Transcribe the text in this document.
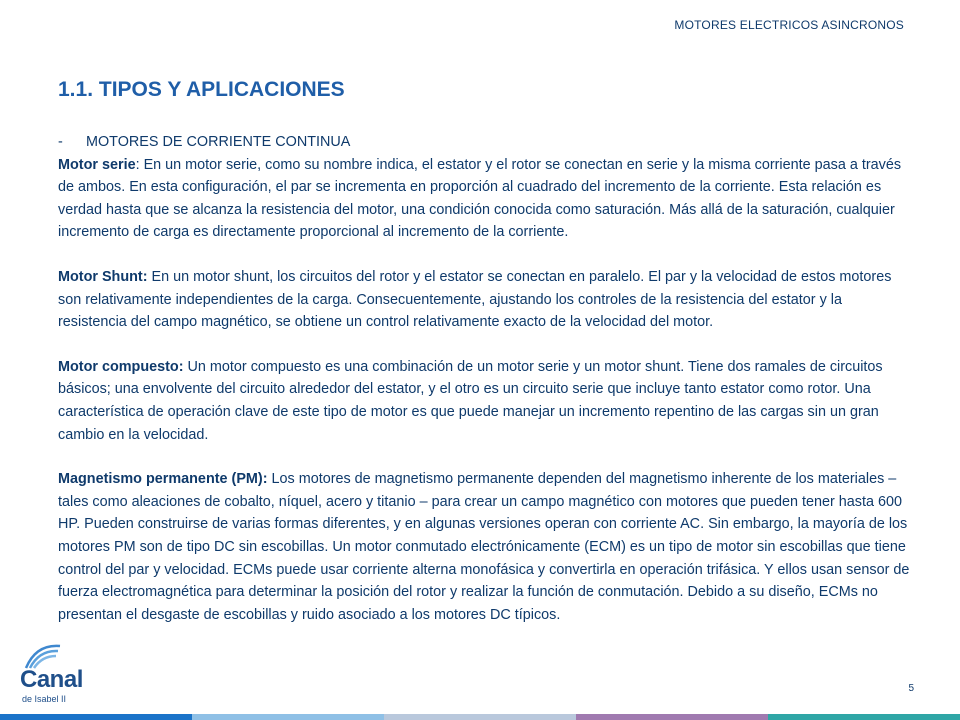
MOTORES ELECTRICOS ASINCRONOS
1.1. TIPOS Y APLICACIONES
-	MOTORES DE CORRIENTE CONTINUA

Motor serie: En un motor serie, como su nombre indica, el estator y el rotor se conectan en serie y la misma corriente pasa a través de ambos. En esta configuración, el par se incrementa en proporción al cuadrado del incremento de la corriente. Esta relación es verdad hasta que se alcanza la resistencia del motor, una condición conocida como saturación. Más allá de la saturación, cualquier incremento de carga es directamente proporcional al incremento de la corriente.

Motor Shunt: En un motor shunt, los circuitos del rotor y el estator se conectan en paralelo. El par y la velocidad de estos motores son relativamente independientes de la carga. Consecuentemente, ajustando los controles de la resistencia del estator y la resistencia del campo magnético, se obtiene un control relativamente exacto de la velocidad del motor.

Motor compuesto: Un motor compuesto es una combinación de un motor serie y un motor shunt. Tiene dos ramales de circuitos básicos; una envolvente del circuito alrededor del estator, y el otro es un circuito serie que incluye tanto estator como rotor. Una característica de operación clave de este tipo de motor es que puede manejar un incremento repentino de las cargas sin un gran cambio en la velocidad.

Magnetismo permanente (PM): Los motores de magnetismo permanente dependen del magnetismo inherente de los materiales – tales como aleaciones de cobalto, níquel, acero y titanio – para crear un campo magnético con motores que pueden tener hasta 600 HP. Pueden construirse de varias formas diferentes, y en algunas versiones operan con corriente AC. Sin embargo, la mayoría de los motores PM son de tipo DC sin escobillas. Un motor conmutado electrónicamente (ECM) es un tipo de motor sin escobillas que tiene control del par y velocidad. ECMs puede usar corriente alterna monofásica y convertirla en operación trifásica. Y ellos usan sensor de fuerza electromagnética para determinar la posición del rotor y realizar la función de conmutación. Debido a su diseño, ECMs no presentan el desgaste de escobillas y ruido asociado a los motores DC típicos.

Canal
de Isabel II
5
